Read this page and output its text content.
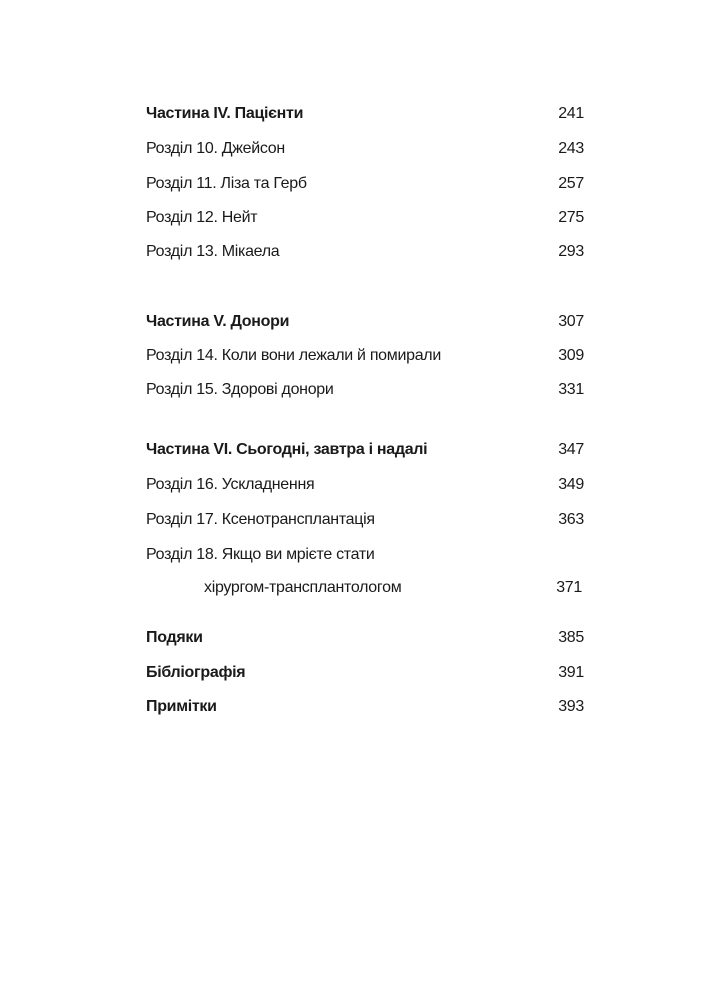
Частина IV. Пацієнти	241
Розділ 10. Джейсон	243
Розділ 11. Ліза та Герб	257
Розділ 12. Нейт	275
Розділ 13. Мікаела	293
Частина V. Донори	307
Розділ 14. Коли вони лежали й помирали	309
Розділ 15. Здорові донори	331
Частина VI. Сьогодні, завтра і надалі	347
Розділ 16. Ускладнення	349
Розділ 17. Ксенотрансплантація	363
Розділ 18. Якщо ви мрієте стати
хірургом-трансплантологом	371
Подяки	385
Бібліографія	391
Примітки	393
